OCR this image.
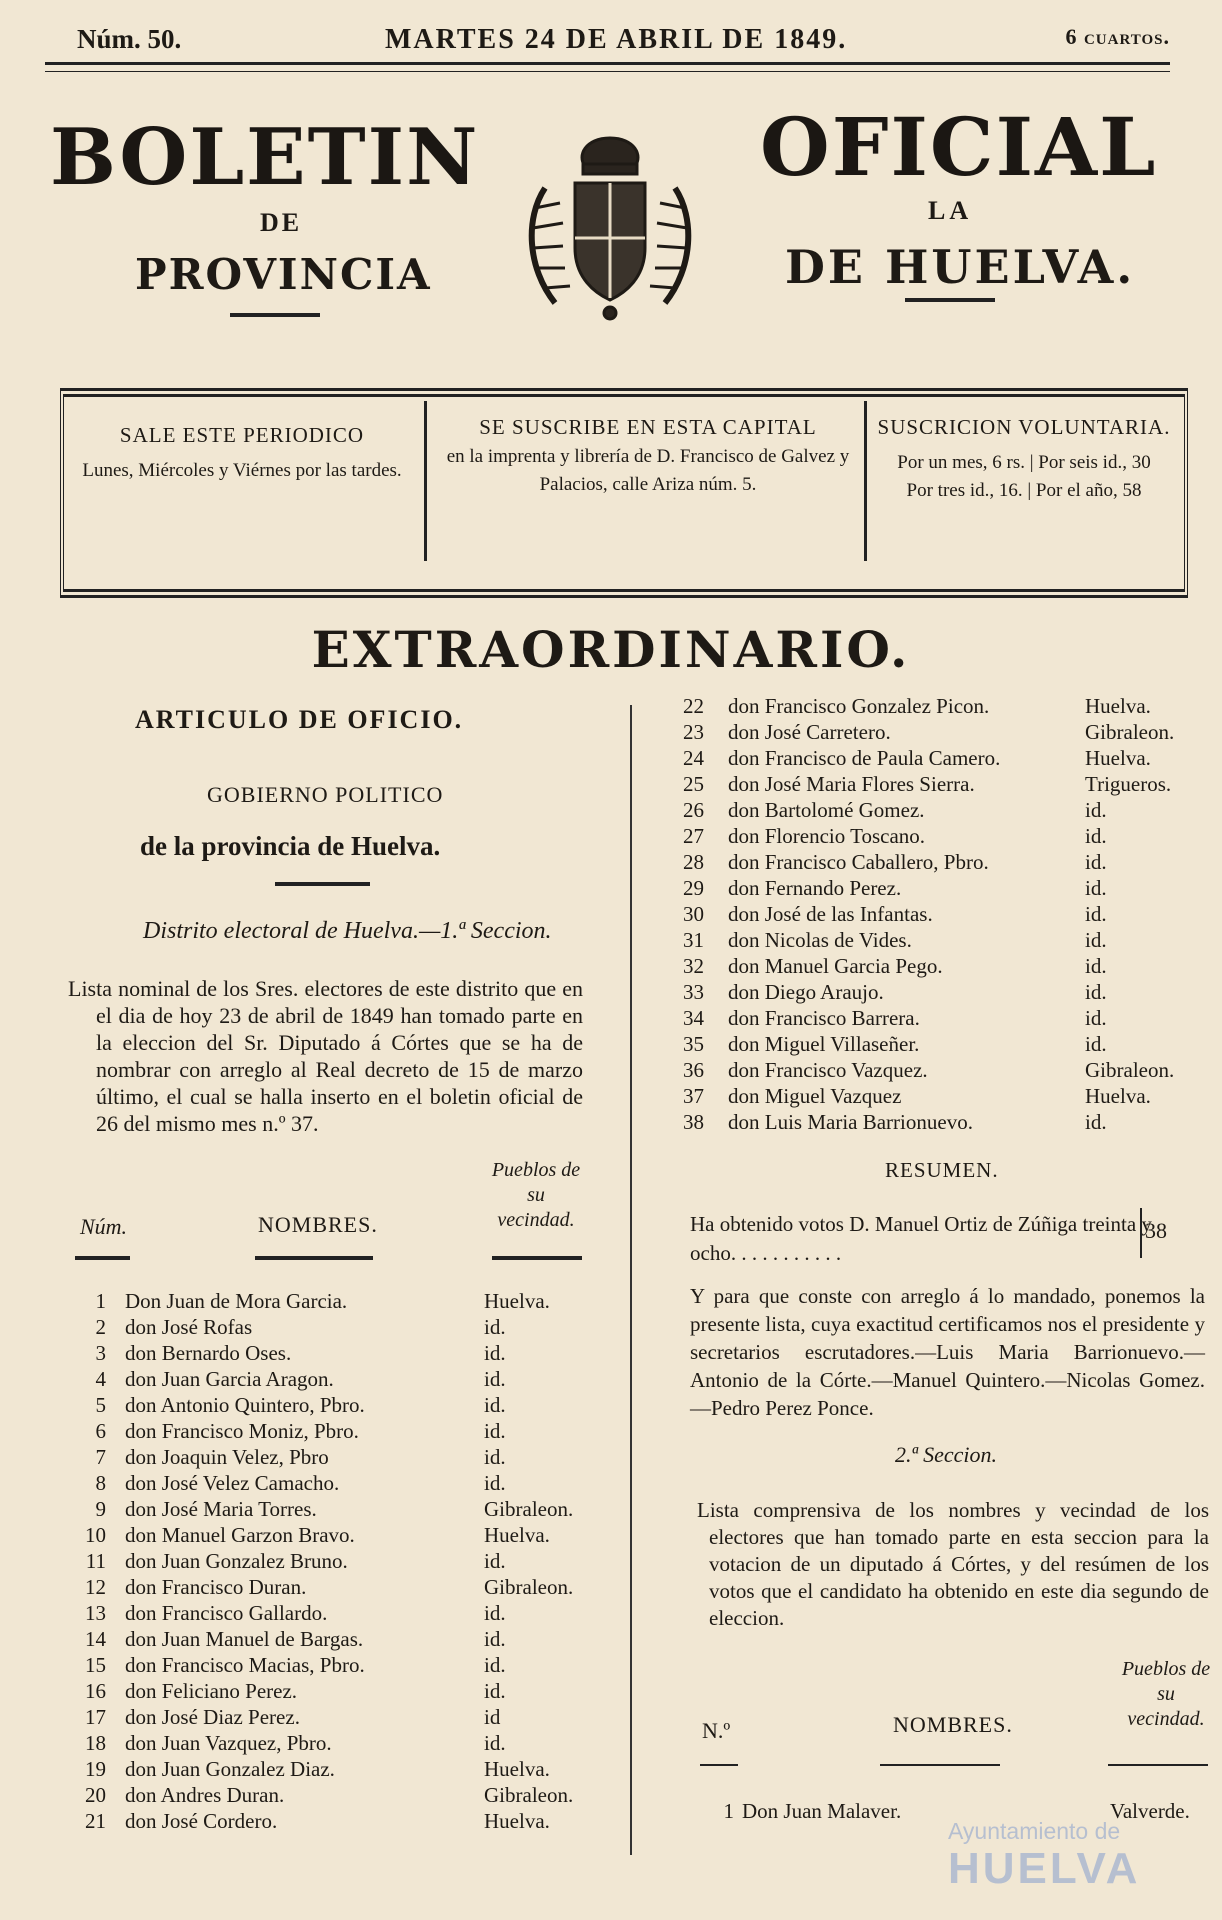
Núm. 50.	MARTES 24 DE ABRIL DE 1849.	6 cuartos.
BOLETIN
DE
PROVINCIA
OFICIAL
LA
DE HUELVA.
SALE ESTE PERIODICO
Lunes, Miércoles y Viérnes por las tardes.
SE SUSCRIBE EN ESTA CAPITAL
en la imprenta y librería de D. Francisco de Galvez y Palacios, calle Ariza núm. 5.
SUSCRICION VOLUNTARIA.
Por un mes, 6 rs. | Por seis id., 30
Por tres id., 16. | Por el año, 58
EXTRAORDINARIO.
ARTICULO DE OFICIO.
GOBIERNO POLITICO
de la provincia de Huelva.
Distrito electoral de Huelva.—1.ª Seccion.

Lista nominal de los Sres. electores de este distrito que en el dia de hoy 23 de abril de 1849 han tomado parte en la eleccion del Sr. Diputado á Córtes que se ha de nombrar con arreglo al Real decreto de 15 de marzo último, el cual se halla inserto en el boletin oficial de 26 del mismo mes n.º 37.

Pueblos de su vecindad.
Núm.	NOMBRES.
1 Don Juan de Mora Garcia.	Huelva.
2 don José Rofas	id.
3 don Bernardo Oses.	id.
4 don Juan Garcia Aragon.	id.
5 don Antonio Quintero, Pbro.	id.
6 don Francisco Moniz, Pbro.	id.
7 don Joaquin Velez, Pbro	id.
8 don José Velez Camacho.	id.
9 don José Maria Torres.	Gibraleon.
10 don Manuel Garzon Bravo.	Huelva.
11 don Juan Gonzalez Bruno.	id.
12 don Francisco Duran.	Gibraleon.
13 don Francisco Gallardo.	id.
14 don Juan Manuel de Bargas.	id.
15 don Francisco Macias, Pbro.	id.
16 don Feliciano Perez.	id.
17 don José Diaz Perez.	id
18 don Juan Vazquez, Pbro.	id.
19 don Juan Gonzalez Diaz.	Huelva.
20 don Andres Duran.	Gibraleon.
21 don José Cordero.	Huelva.
22 don Francisco Gonzalez Picon.	Huelva.
23 don José Carretero.	Gibraleon.
24 don Francisco de Paula Camero.	Huelva.
25 don José Maria Flores Sierra.	Trigueros.
26 don Bartolomé Gomez.	id.
27 don Florencio Toscano.	id.
28 don Francisco Caballero, Pbro.	id.
29 don Fernando Perez.	id.
30 don José de las Infantas.	id.
31 don Nicolas de Vides.	id.
32 don Manuel Garcia Pego.	id.
33 don Diego Araujo.	id.
34 don Francisco Barrera.	id.
35 don Miguel Villaseñer.	id.
36 don Francisco Vazquez.	Gibraleon.
37 don Miguel Vazquez	Huelva.
38 don Luis Maria Barrionuevo.	id.
RESUMEN.
Ha obtenido votos D. Manuel Ortiz de Zúñiga treinta y ocho. . . . . . . . . . .
38
Y para que conste con arreglo á lo mandado, ponemos la presente lista, cuya exactitud certificamos nos el presidente y secretarios escrutadores.—Luis Maria Barrionuevo.—Antonio de la Córte.—Manuel Quintero.—Nicolas Gomez.—Pedro Perez Ponce.
2.ª Seccion.

Lista comprensiva de los nombres y vecindad de los electores que han tomado parte en esta seccion para la votacion de un diputado á Córtes, y del resúmen de los votos que el candidato ha obtenido en este dia segundo de eleccion.

Pueblos de su vecindad.
N.º	NOMBRES.
1 Don Juan Malaver.	Valverde.
Ayuntamiento de
HUELVA
